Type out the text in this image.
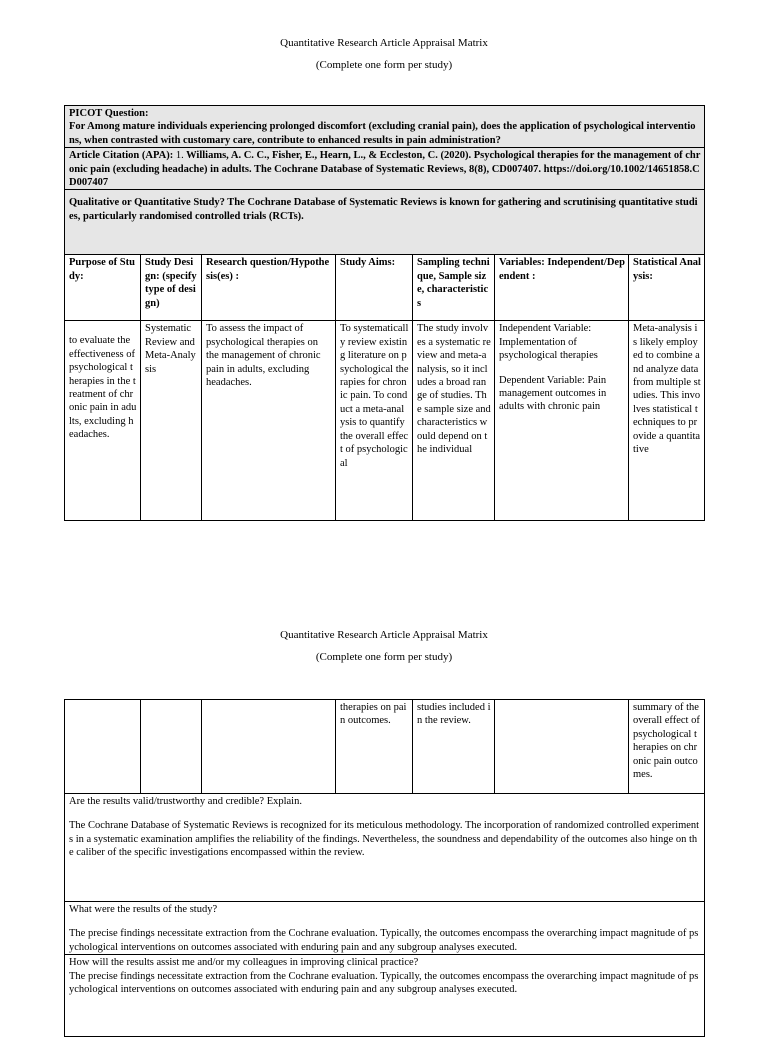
Quantitative Research Article Appraisal Matrix
(Complete one form per study)
PICOT Question:
For Among mature individuals experiencing prolonged discomfort (excluding cranial pain), does the application of psychological interventions, when contrasted with customary care, contribute to enhanced results in pain administration?						
Article Citation (APA): 1. Williams, A. C. C., Fisher, E., Hearn, L., & Eccleston, C. (2020). Psychological therapies for the management of chronic pain (excluding headache) in adults. The Cochrane Database of Systematic Reviews, 8(8), CD007407. https://doi.org/10.1002/14651858.CD007407						
Qualitative or Quantitative Study? The Cochrane Database of Systematic Reviews is known for gathering and scrutinising quantitative studies, particularly randomised controlled trials (RCTs).						
Purpose of Study:	Study Design: (specify type of design)	Research question/Hypothesis(es) :	Study Aims:	Sampling technique, Sample size, characteristics	Variables: Independent/Dependent :	Statistical Analysis:
to evaluate the effectiveness of psychological therapies in the treatment of chronic pain in adults, excluding headaches.	Systematic Review and Meta-Analysis	To assess the impact of psychological therapies on the management of chronic pain in adults, excluding headaches.	To systematically review existing literature on psychological therapies for chronic pain. To conduct a meta-analysis to quantify the overall effect of psychological	The study involves a systematic review and meta-analysis, so it includes a broad range of studies. The sample size and characteristics would depend on the individual	Independent Variable: Implementation of psychological therapies
Dependent Variable: Pain management outcomes in adults with chronic pain	Meta-analysis is likely employed to combine and analyze data from multiple studies. This involves statistical techniques to provide a quantitative
Quantitative Research Article Appraisal Matrix
(Complete one form per study)
			therapies on pain outcomes.	studies included in the review.		summary of the overall effect of psychological therapies on chronic pain outcomes.

Are the results valid/trustworthy and credible? Explain.
The Cochrane Database of Systematic Reviews is recognized for its meticulous methodology. The incorporation of randomized controlled experiments in a systematic examination amplifies the reliability of the findings. Nevertheless, the soundness and dependability of the outcomes also hinge on the caliber of the specific investigations encompassed within the review.

What were the results of the study?
The precise findings necessitate extraction from the Cochrane evaluation. Typically, the outcomes encompass the overarching impact magnitude of psychological interventions on outcomes associated with enduring pain and any subgroup analyses executed.

How will the results assist me and/or my colleagues in improving clinical practice?
The precise findings necessitate extraction from the Cochrane evaluation. Typically, the outcomes encompass the overarching impact magnitude of psychological interventions on outcomes associated with enduring pain and any subgroup analyses executed.
